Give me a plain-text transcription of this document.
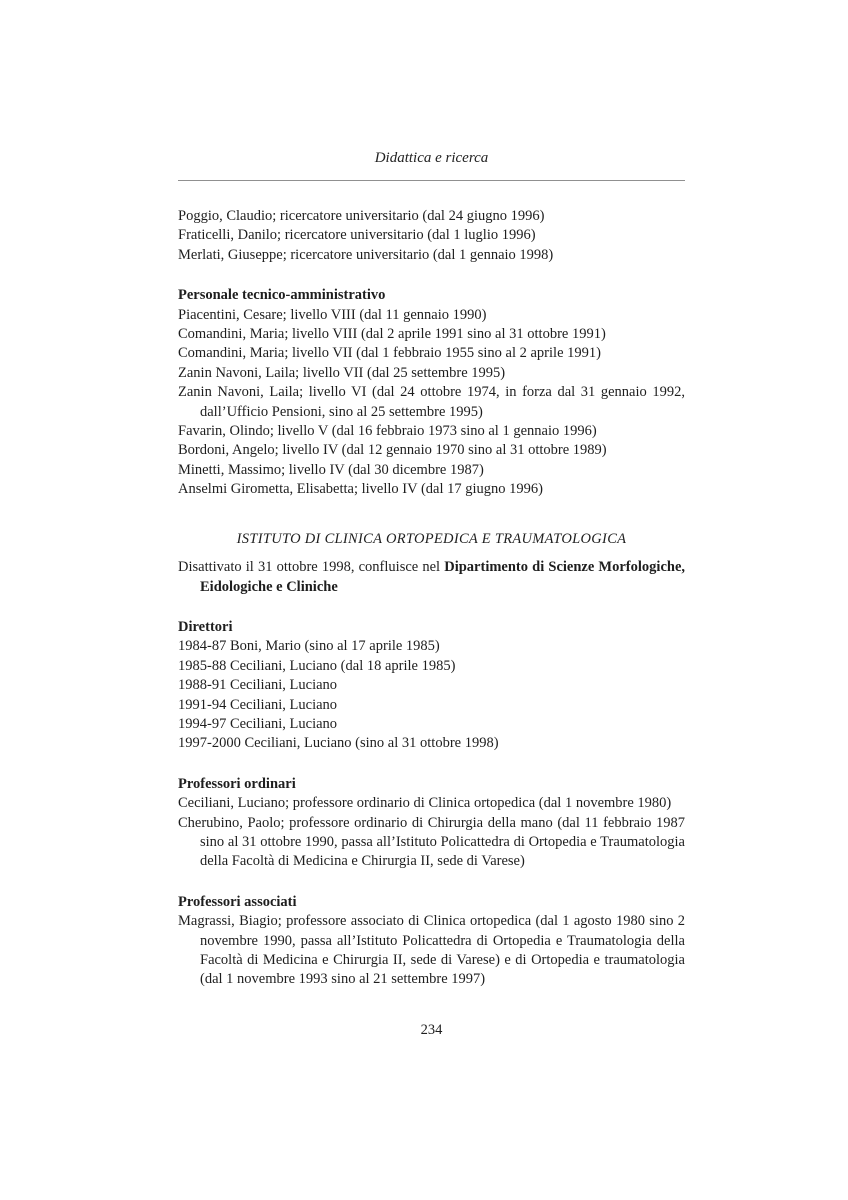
Didattica e ricerca

Poggio, Claudio; ricercatore universitario (dal 24 giugno 1996)

Fraticelli, Danilo; ricercatore universitario (dal 1 luglio 1996)

Merlati, Giuseppe; ricercatore universitario (dal 1 gennaio 1998)

Personale tecnico-amministrativo

Piacentini, Cesare; livello VIII (dal 11 gennaio 1990)

Comandini, Maria; livello VIII (dal 2 aprile 1991 sino al 31 ottobre 1991)

Comandini, Maria; livello VII (dal 1 febbraio 1955 sino al 2 aprile 1991)

Zanin Navoni, Laila; livello VII (dal 25 settembre 1995)

Zanin Navoni, Laila; livello VI (dal 24 ottobre 1974, in forza dal 31 gennaio 1992, dall’Ufficio Pensioni, sino al 25 settembre 1995)

Favarin, Olindo; livello V (dal 16 febbraio 1973 sino al 1 gennaio 1996)

Bordoni, Angelo; livello IV (dal 12 gennaio 1970 sino al 31 ottobre 1989)

Minetti, Massimo; livello IV (dal 30 dicembre 1987)

Anselmi Girometta, Elisabetta; livello IV (dal 17 giugno 1996)

ISTITUTO DI CLINICA ORTOPEDICA E TRAUMATOLOGICA

Disattivato il 31 ottobre 1998, confluisce nel Dipartimento di Scienze Morfologiche, Eidologiche e Cliniche

Direttori

1984-87 Boni, Mario (sino al 17 aprile 1985)

1985-88 Ceciliani, Luciano (dal 18 aprile 1985)

1988-91 Ceciliani, Luciano

1991-94 Ceciliani, Luciano

1994-97 Ceciliani, Luciano

1997-2000 Ceciliani, Luciano (sino al 31 ottobre 1998)

Professori ordinari

Ceciliani, Luciano; professore ordinario di Clinica ortopedica (dal 1 novembre 1980)

Cherubino, Paolo; professore ordinario di Chirurgia della mano (dal 11 febbraio 1987 sino al 31 ottobre 1990, passa all’Istituto Policattedra di Ortopedia e Traumatologia della Facoltà di Medicina e Chirurgia II, sede di Varese)

Professori associati

Magrassi, Biagio; professore associato di Clinica ortopedica (dal 1 agosto 1980 sino 2 novembre 1990, passa all’Istituto Policattedra di Ortopedia e Traumatologia della Facoltà di Medicina e Chirurgia II, sede di Varese) e di Ortopedia e traumatologia (dal 1 novembre 1993 sino al 21 settembre 1997)

234
